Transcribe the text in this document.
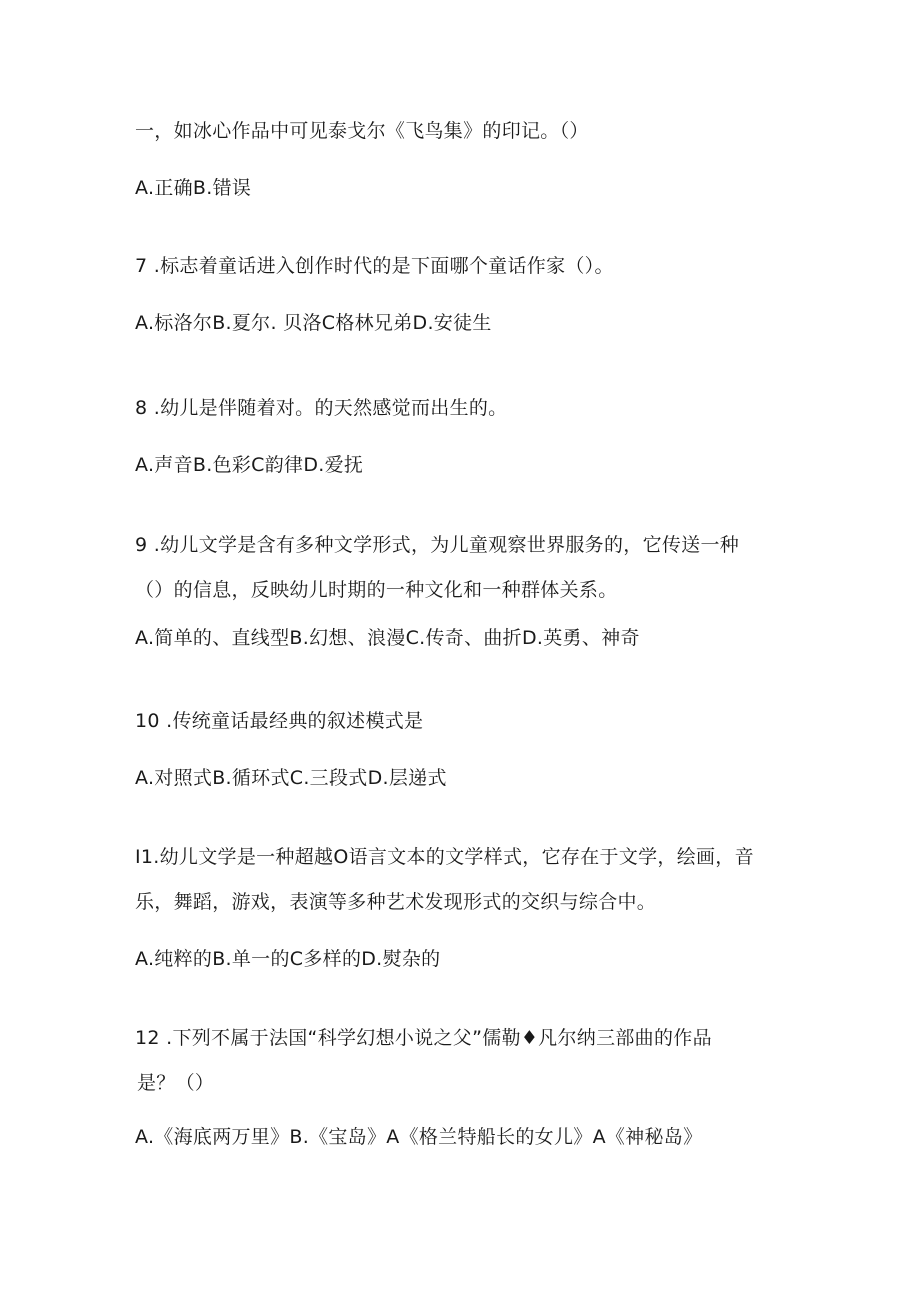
一，如冰心作品中可见泰戈尔《飞鸟集》的印记。（）
A.正确B.错误
7 .标志着童话进入创作时代的是下面哪个童话作家（）。
A.标洛尔B.夏尔. 贝洛C格林兄弟D.安徒生
8 .幼儿是伴随着对。的天然感觉而出生的。
A.声音B.色彩C韵律D.爱抚
9 .幼儿文学是含有多种文学形式，为儿童观察世界服务的，它传送一种
（）的信息，反映幼儿时期的一种文化和一种群体关系。
A.简单的、直线型B.幻想、浪漫C.传奇、曲折D.英勇、神奇
10 .传统童话最经典的叙述模式是
A.对照式B.循环式C.三段式D.层递式
I1.幼儿文学是一种超越O语言文本的文学样式，它存在于文学，绘画，音
乐，舞蹈，游戏，表演等多种艺术发现形式的交织与综合中。
A.纯粹的B.单一的C多样的D.熨杂的
12 .下列不属于法国“科学幻想小说之父”儒勒♦凡尔纳三部曲的作品
是？（）
A.《海底两万里》B.《宝岛》A《格兰特船长的女儿》A《神秘岛》
